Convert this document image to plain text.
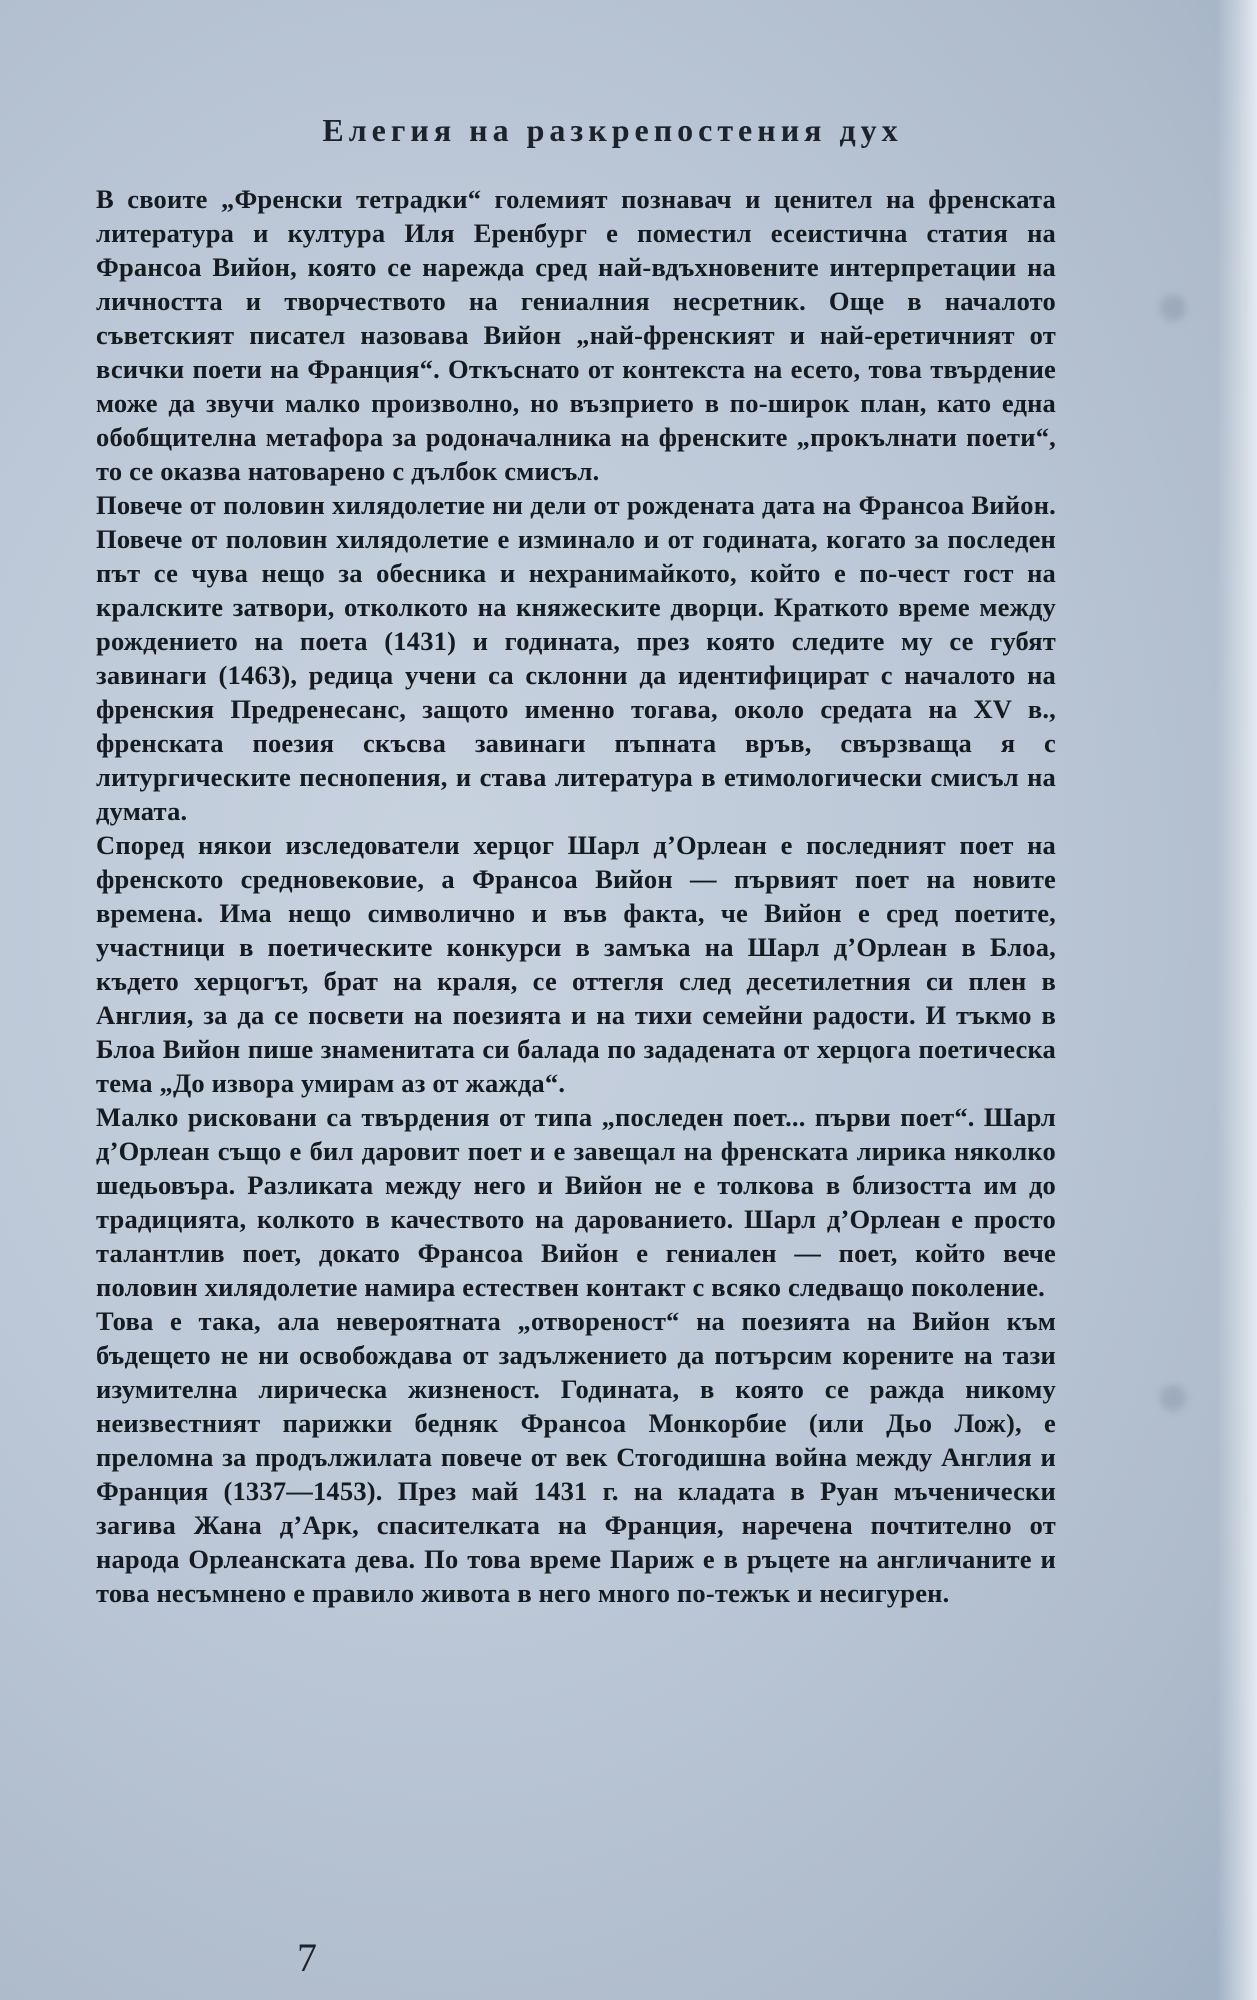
Елегия на разкрепостения дух

В своите „Френски тетрадки“ големият познавач и ценител на френската литература и култура Иля Еренбург е поместил есеистична статия на Франсоа Вийон, която се нарежда сред най-вдъхновените интерпретации на личността и творчеството на гениалния несретник. Още в началото съветският писател назовава Вийон „най-френският и най-еретичният от всички поети на Франция“. Откъснато от контекста на есето, това твърдение може да звучи малко произволно, но възприето в по-широк план, като една обобщителна метафора за родоначалника на френските „прокълнати поети“, то се оказва натоварено с дълбок смисъл.

Повече от половин хилядолетие ни дели от рождената дата на Франсоа Вийон. Повече от половин хилядолетие е изминало и от годината, когато за последен път се чува нещо за обесника и нехранимайкото, който е по-чест гост на кралските затвори, отколкото на княжеските дворци. Краткото време между рождението на поета (1431) и годината, през която следите му се губят завинаги (1463), редица учени са склонни да идентифицират с началото на френския Предренесанс, защото именно тогава, около средата на XV в., френската поезия скъсва завинаги пъпната връв, свързваща я с литургическите песнопения, и става литература в етимологически смисъл на думата.

Според някои изследователи херцог Шарл д’Орлеан е последният поет на френското средновековие, а Франсоа Вийон — първият поет на новите времена. Има нещо символично и във факта, че Вийон е сред поетите, участници в поетическите конкурси в замъка на Шарл д’Орлеан в Блоа, където херцогът, брат на краля, се оттегля след десетилетния си плен в Англия, за да се посвети на поезията и на тихи семейни радости. И тъкмо в Блоа Вийон пише знаменитата си балада по зададената от херцога поетическа тема „До извора умирам аз от жажда“.

Малко рисковани са твърдения от типа „последен поет... първи поет“. Шарл д’Орлеан също е бил даровит поет и е завещал на френската лирика няколко шедьовъра. Разликата между него и Вийон не е толкова в близостта им до традицията, колкото в качеството на дарованието. Шарл д’Орлеан е просто талантлив поет, докато Франсоа Вийон е гениален — поет, който вече половин хилядолетие намира естествен контакт с всяко следващо поколение.

Това е така, ала невероятната „отвореност“ на поезията на Вийон към бъдещето не ни освобождава от задължението да потърсим корените на тази изумителна лирическа жизненост. Годината, в която се ражда никому неизвестният парижки бедняк Франсоа Монкорбие (или Дьо Лож), е преломна за продължилата повече от век Стогодишна война между Англия и Франция (1337—1453). През май 1431 г. на кладата в Руан мъченически загива Жана д’Арк, спасителката на Франция, наречена почтително от народа Орлеанската дева. По това време Париж е в ръцете на англичаните и това несъмнено е правило живота в него много по-тежък и несигурен.

7
